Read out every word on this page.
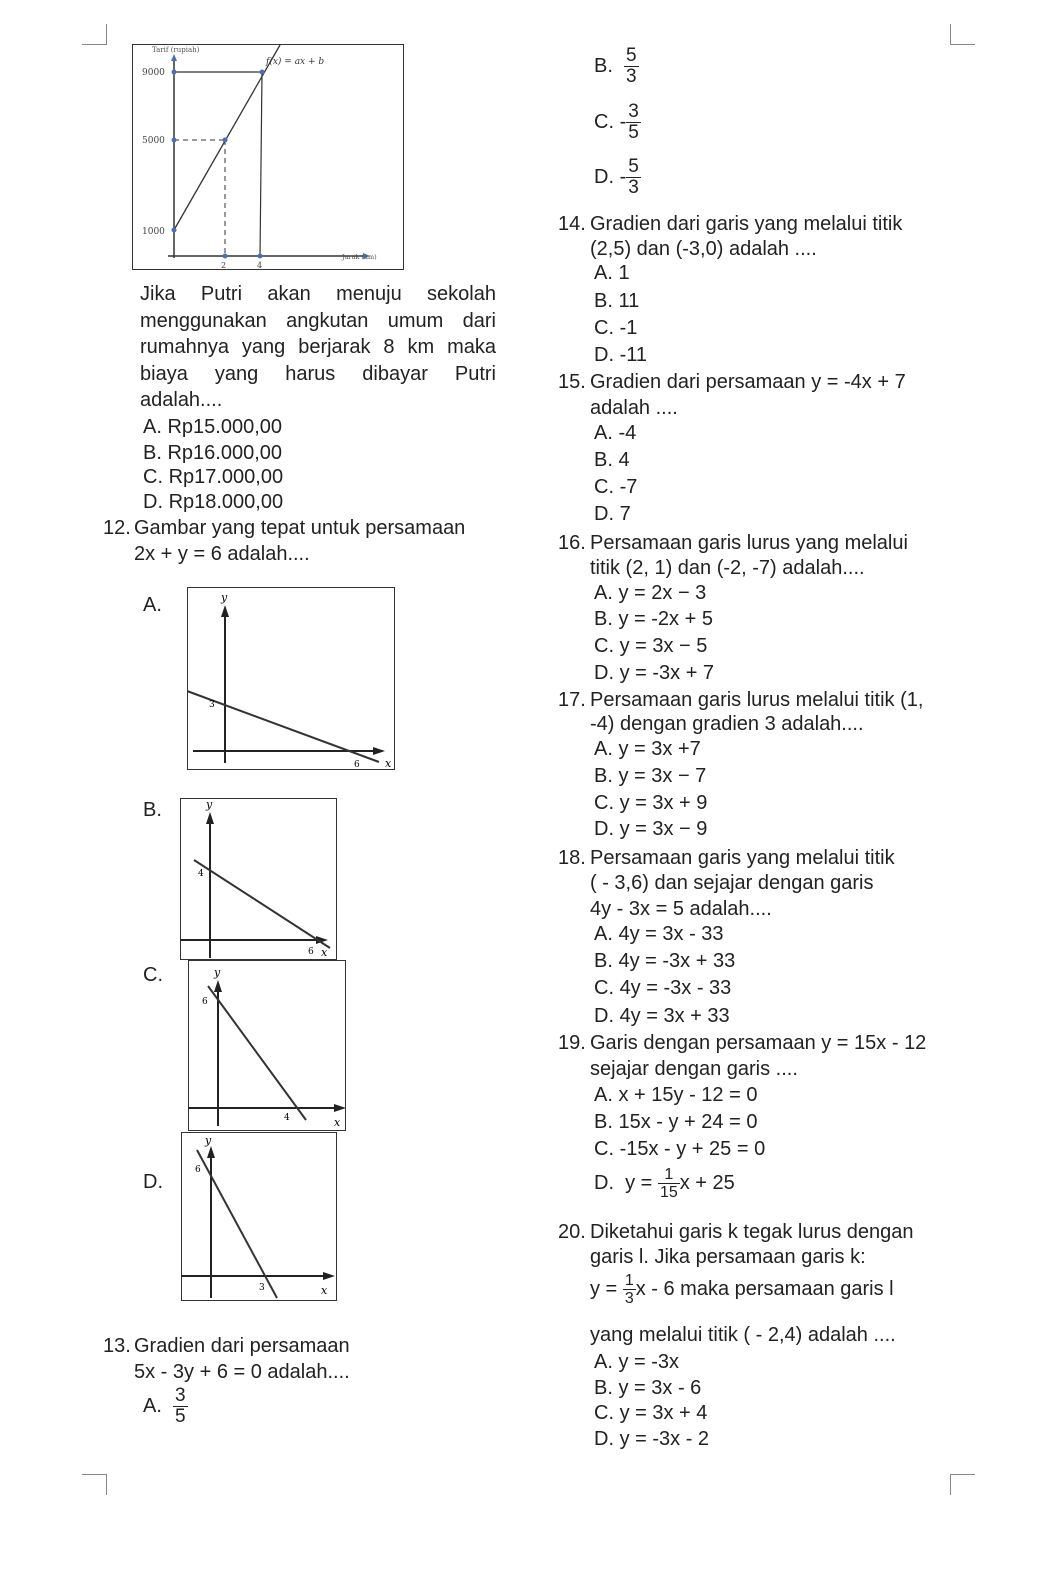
Tarif (rupiah)
Jarak (km)
9000
5000
1000
2	4
f(x) = ax + b
Jika Putri akan menuju sekolah
menggunakan angkutan umum dari
rumahnya yang berjarak 8 km maka
biaya yang harus dibayar Putri
adalah....
A. Rp15.000,00
B. Rp16.000,00
C. Rp17.000,00
D. Rp18.000,00
12. Gambar yang tepat untuk persamaan
2x + y = 6 adalah....
A.	y
x
3
6
B.	y
x
4
6
C.	y
x
6
4
D.
y
x
6
3
13. Gradien dari persamaan
5x - 3y + 6 = 0 adalah....
A. $\frac{3}{5}$
B. $\frac{5}{3}$
C. - $\frac{3}{5}$
D. - $\frac{5}{3}$
14. Gradien dari garis yang melalui titik
(2,5) dan (-3,0) adalah ....
A. 1
B. 11
C. -1
D. -11
15. Gradien dari persamaan y = -4x + 7
adalah ....
A. -4
B. 4
C. -7
D. 7
16. Persamaan garis lurus yang melalui
titik (2, 1) dan (-2, -7) adalah....
A. y = 2x − 3
B. y = -2x + 5
C. y = 3x − 5
D. y = -3x + 7
17. Persamaan garis lurus melalui titik (1,
-4) dengan gradien 3 adalah....
A. y = 3x +7
B. y = 3x − 7
C. y = 3x + 9
D. y = 3x − 9
18. Persamaan garis yang melalui titik
( - 3,6) dan sejajar dengan garis
4y - 3x = 5 adalah....
A. 4y = 3x - 33
B. 4y = -3x + 33
C. 4y = -3x - 33
D. 4y = 3x + 33
19. Garis dengan persamaan y = 15x - 12
sejajar dengan garis ....
A. x + 15y - 12 = 0
B. 15x - y + 24 = 0
C. -15x - y + 25 = 0
D. $y = \frac{1}{15}$ x + 25
20. Diketahui garis k tegak lurus dengan
garis l. Jika persamaan garis k:
$y = \frac{1}{3}$ x - 6 maka persamaan garis l
yang melalui titik ( - 2,4) adalah ....
A. y = -3x
B. y = 3x - 6
C. y = 3x + 4
D. y = -3x - 2
